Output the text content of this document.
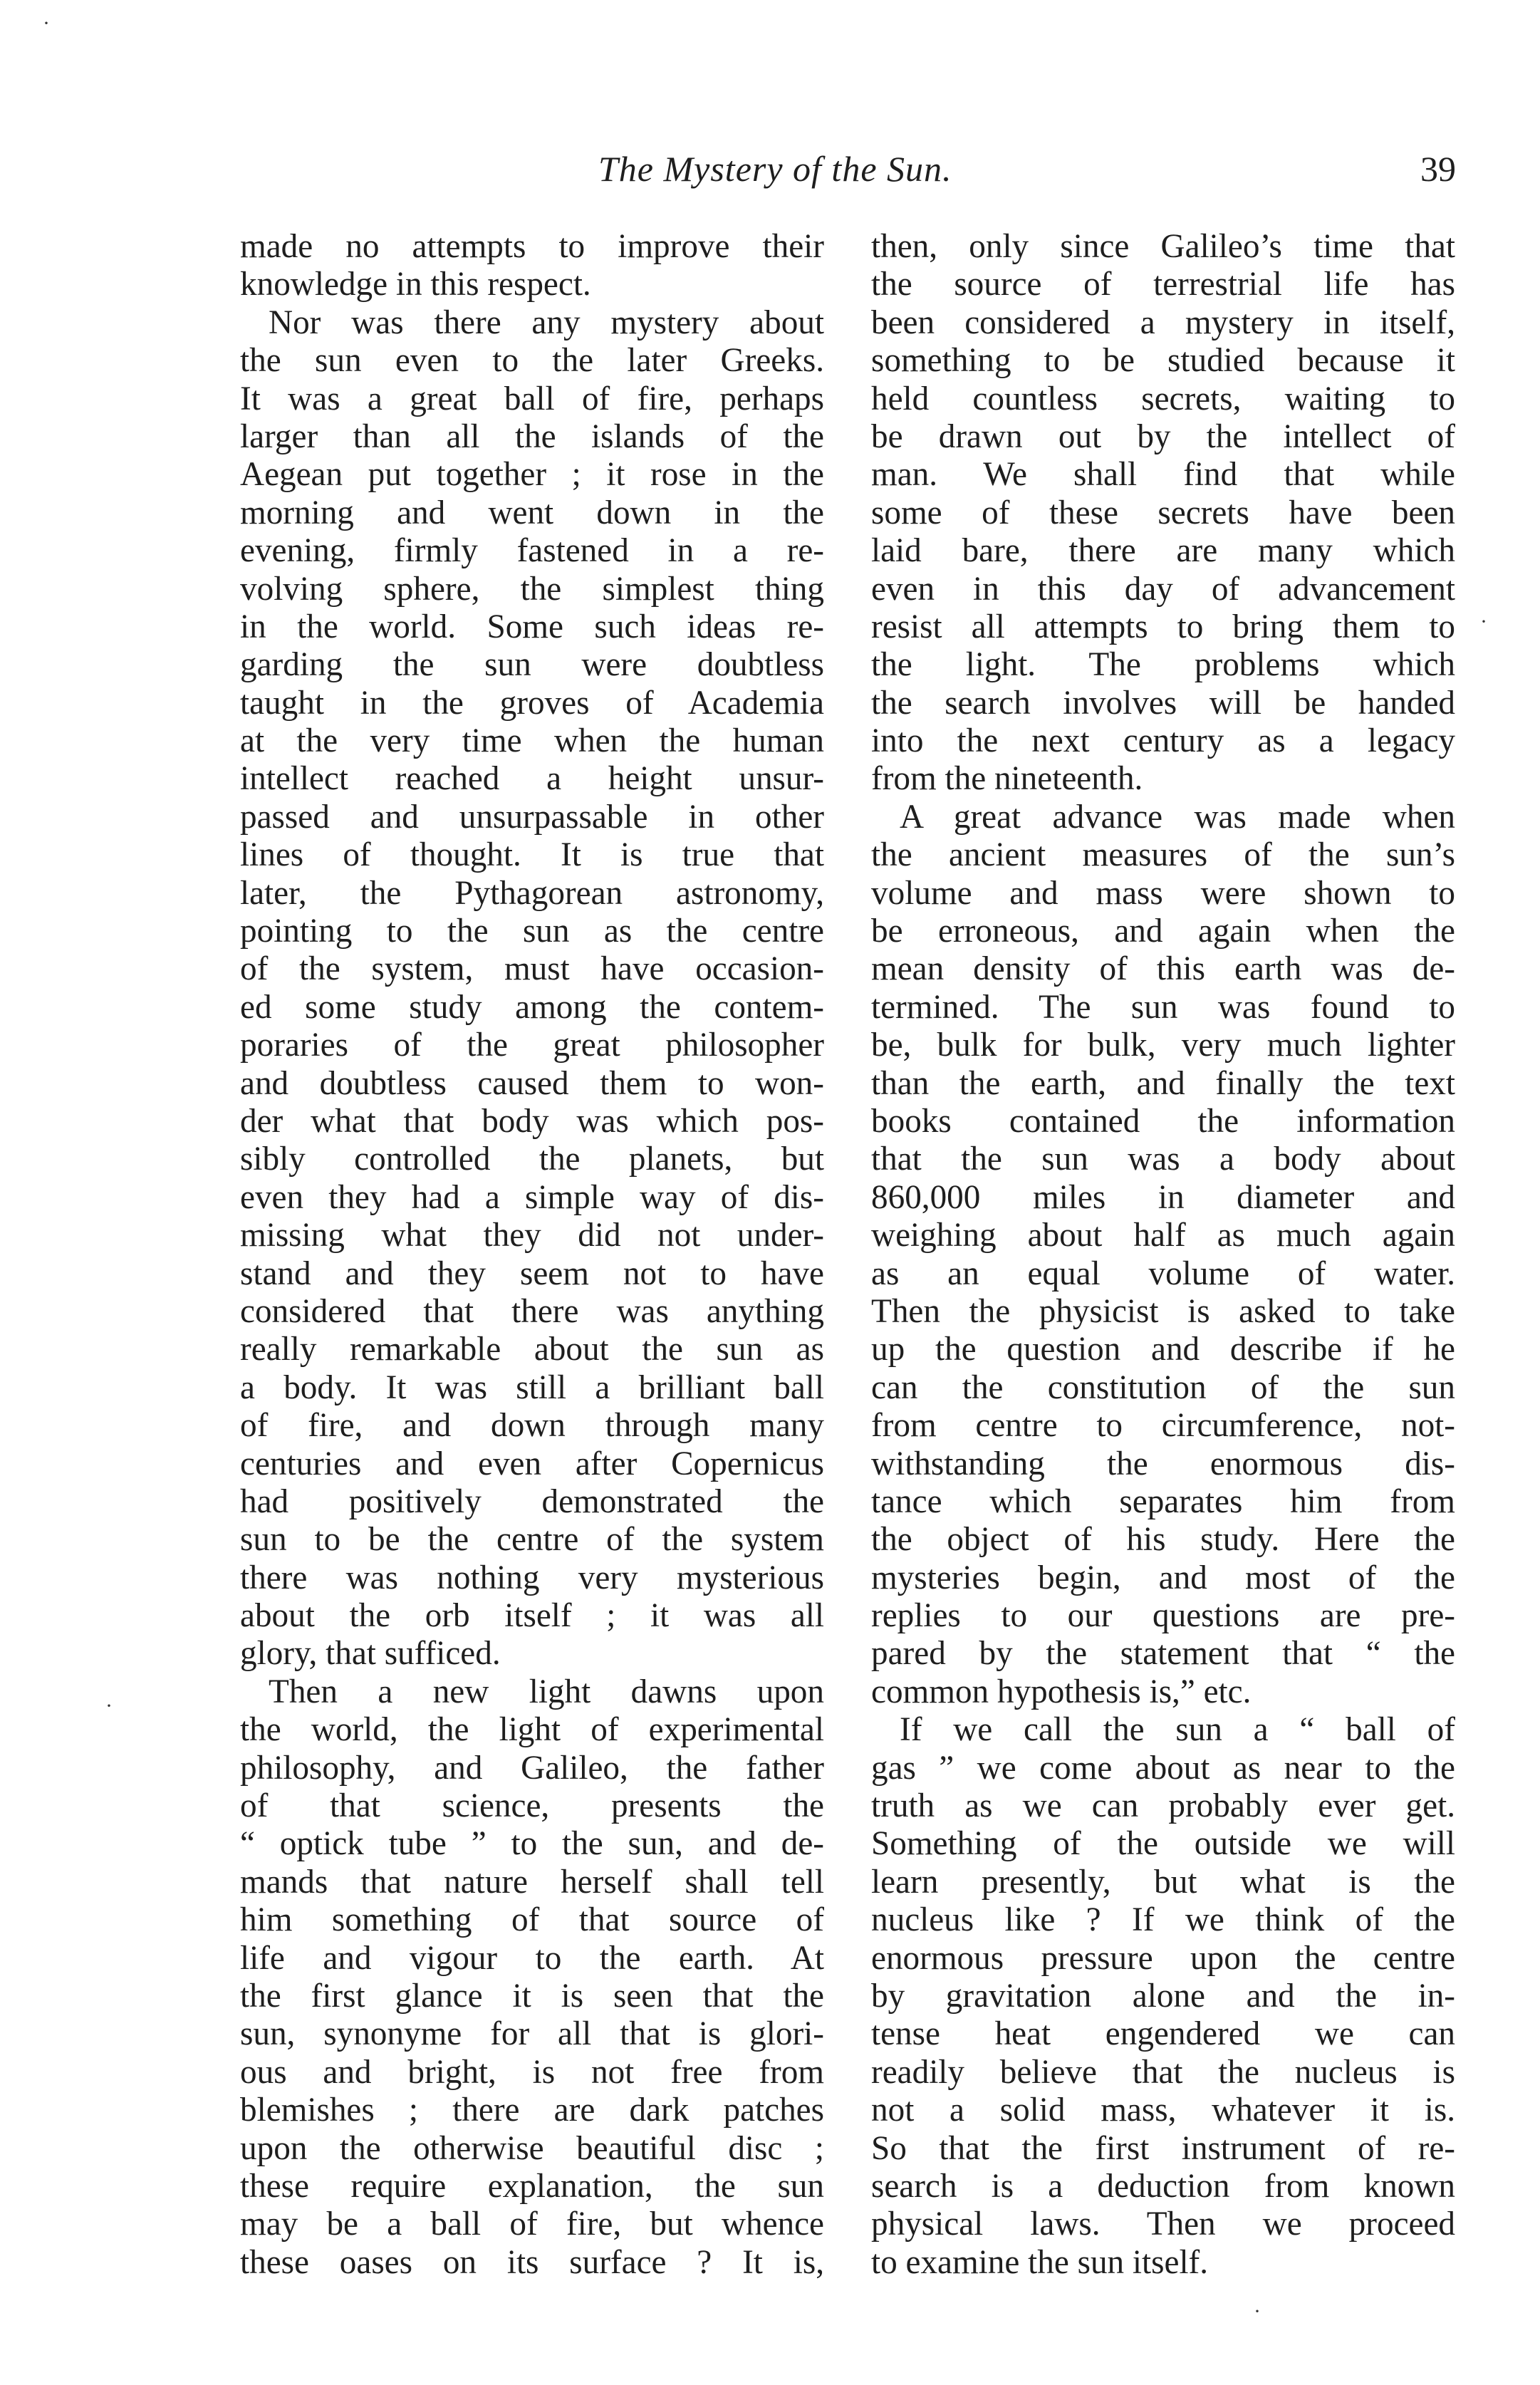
The Mystery of the Sun.	39
made no attempts to improve their
knowledge in this respect.
Nor was there any mystery about
the sun even to the later Greeks.
It was a great ball of fire, perhaps
larger than all the islands of the
Aegean put together ; it rose in the
morning and went down in the
evening, firmly fastened in a re-
volving sphere, the simplest thing
in the world. Some such ideas re-
garding the sun were doubtless
taught in the groves of Academia
at the very time when the human
intellect reached a height unsur-
passed and unsurpassable in other
lines of thought. It is true that
later, the Pythagorean astronomy,
pointing to the sun as the centre
of the system, must have occasion-
ed some study among the contem-
poraries of the great philosopher
and doubtless caused them to won-
der what that body was which pos-
sibly controlled the planets, but
even they had a simple way of dis-
missing what they did not under-
stand and they seem not to have
considered that there was anything
really remarkable about the sun as
a body. It was still a brilliant ball
of fire, and down through many
centuries and even after Copernicus
had positively demonstrated the
sun to be the centre of the system
there was nothing very mysterious
about the orb itself ; it was all
glory, that sufficed.
Then a new light dawns upon
the world, the light of experimental
philosophy, and Galileo, the father
of that science, presents the
“ optick tube ” to the sun, and de-
mands that nature herself shall tell
him something of that source of
life and vigour to the earth. At
the first glance it is seen that the
sun, synonyme for all that is glori-
ous and bright, is not free from
blemishes ; there are dark patches
upon the otherwise beautiful disc ;
these require explanation, the sun
may be a ball of fire, but whence
these oases on its surface ? It is,
then, only since Galileo’s time that
the source of terrestrial life has
been considered a mystery in itself,
something to be studied because it
held countless secrets, waiting to
be drawn out by the intellect of
man. We shall find that while
some of these secrets have been
laid bare, there are many which
even in this day of advancement
resist all attempts to bring them to
the light. The problems which
the search involves will be handed
into the next century as a legacy
from the nineteenth.
A great advance was made when
the ancient measures of the sun’s
volume and mass were shown to
be erroneous, and again when the
mean density of this earth was de-
termined. The sun was found to
be, bulk for bulk, very much lighter
than the earth, and finally the text
books contained the information
that the sun was a body about
860,000 miles in diameter and
weighing about half as much again
as an equal volume of water.
Then the physicist is asked to take
up the question and describe if he
can the constitution of the sun
from centre to circumference, not-
withstanding the enormous dis-
tance which separates him from
the object of his study. Here the
mysteries begin, and most of the
replies to our questions are pre-
pared by the statement that “ the
common hypothesis is,” etc.
If we call the sun a “ ball of
gas ” we come about as near to the
truth as we can probably ever get.
Something of the outside we will
learn presently, but what is the
nucleus like ? If we think of the
enormous pressure upon the centre
by gravitation alone and the in-
tense heat engendered we can
readily believe that the nucleus is
not a solid mass, whatever it is.
So that the first instrument of re-
search is a deduction from known
physical laws. Then we proceed
to examine the sun itself.
·
·
·
·
